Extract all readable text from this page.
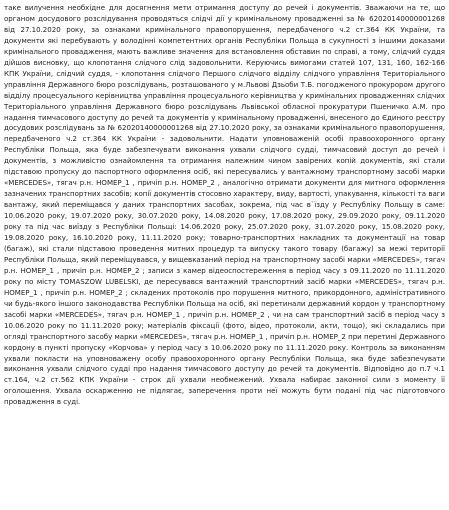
таке вилучення необхідне для досягнення мети отримання доступу до речей і документів. Зважаючи на те, що органом досудового розслідування проводяться слідчі дії у кримінальному провадженні за № 62020140000001268 від 27.10.2020 року, за ознаками кримінального правопорушення, передбаченого ч.2 ст.364 КК України, та документи які перебувають у володінні компетентних органів Республіки Польща в сукупності з іншими доказами кримінального провадження, мають важливе значення для встановлення обставин по справі, а тому, слідчий суддя дійшов висновку, що клопотання слідчого слід задовольнити. Керуючись вимогами статей 107, 131, 160, 162-166 КПК України, слідчий суддя, - клопотання слідчого Першого слідчого відділу слідчого управління Територіального управління Державного бюро розслідувань, розташованого у м.Львові Дзьоби Т.Б. погодженого прокурором другого відділу процесуального керівництва управління процесуального керівництва у кримінальних провадженнях слідчих Територіального управління Державного бюро розслідувань Львівської обласної прокуратури Пшеничко А.М. про надання тимчасового доступу до речей та документів у кримінальному провадженні, внесеного до Єдиного реєстру досудових розслідувань за № 62020140000001268 від 27.10.2020 року, за ознаками кримінального правопорушення, передбаченого ч.2 ст.364 КК України - задовольнити. Надати уповноваженій особі правоохоронного органу Республіки Польща, яка буде забезпечувати виконання ухвали слідчого судді, тимчасовий доступ до речей і документів, з можливістю ознайомлення та отримання належним чином завірених копій документів, які стали підставою пропуску до паспортного оформлення осіб, які пересувались у вантажному транспортному засобі марки «MERCEDES», тягач р.н. НОМЕР_1 , причіп р.н. НОМЕР_2 , аналогічно отримати документи для митного оформлення зазначених транспортних засобів; копії документів стосовно характеру, виду, вартості, упакування, кількості та ваги вантажу, який переміщався у даних транспортних засобах, зокрема, під час в`їзду у Республіку Польщу в саме: 10.06.2020 року, 19.07.2020 року, 30.07.2020 року, 14.08.2020 року, 17.08.2020 року, 29.09.2020 року, 09.11.2020 року та під час виїзду з Республіки Польщі: 14.06.2020 року, 25.07.2020 року, 31.07.2020 року, 15.08.2020 року, 19.08.2020 року, 16.10.2020 року, 11.11.2020 року; товарно-транспортних накладних та документації на товар (багаж), які стали підставою проведення митних процедур та випуску такого товару (багажу) за межі території Республіки Польща, який переміщувався, у вищевказаний період на транспортному засобі марки «MERCEDES», тягач р.н. НОМЕР_1 , причіп р.н. НОМЕР_2 ; записи з камер відеоспостереження в період часу з 09.11.2020 по 11.11.2020 року по місту TOMASZOW LUBELSKI, де пересувався вантажний транспортний засіб марки «MERCEDES», тягач р.н. НОМЕР_1 , причіп р.н. НОМЕР_2 ; складених протоколів про порушення митного, прикордонного, адміністративного чи будь-якого іншого законодавства Республіки Польща на осіб, які перетинали державний кордон у транспортному засобі марки «MERCEDES», тягач р.н. НОМЕР_1 , причіп р.н. НОМЕР_2 , чи на сам транспортний засіб в період часу з 10.06.2020 року по 11.11.2020 року; матеріалів фіксації (фото, відео, протоколи, акти, тощо), які складались при огляді транспортного засобу марки «MERCEDES», тягач р.н. НОМЕР_1 , причіп р.н. НОМЕР_2 при перетині Державного кордону в пункті пропуску «Корчова» у період часу з 10.06.2020 року по 11.11.2020 року. Контроль за виконанням ухвали покласти на уповноважену особу правоохоронного органу Республіки Польща, яка буде забезпечувати виконання ухвали слідчого судді про надання тимчасового доступу до речей та документів. Відповідно до п.7 ч.1 ст.164, ч.2 ст.562 КПК України - строк дії ухвали необмежений. Ухвала набирає законної сили з моменту її оголошення. Ухвала оскарженню не підлягає, заперечення проти неї можуть бути подані під час підготовчого провадження в суді.
